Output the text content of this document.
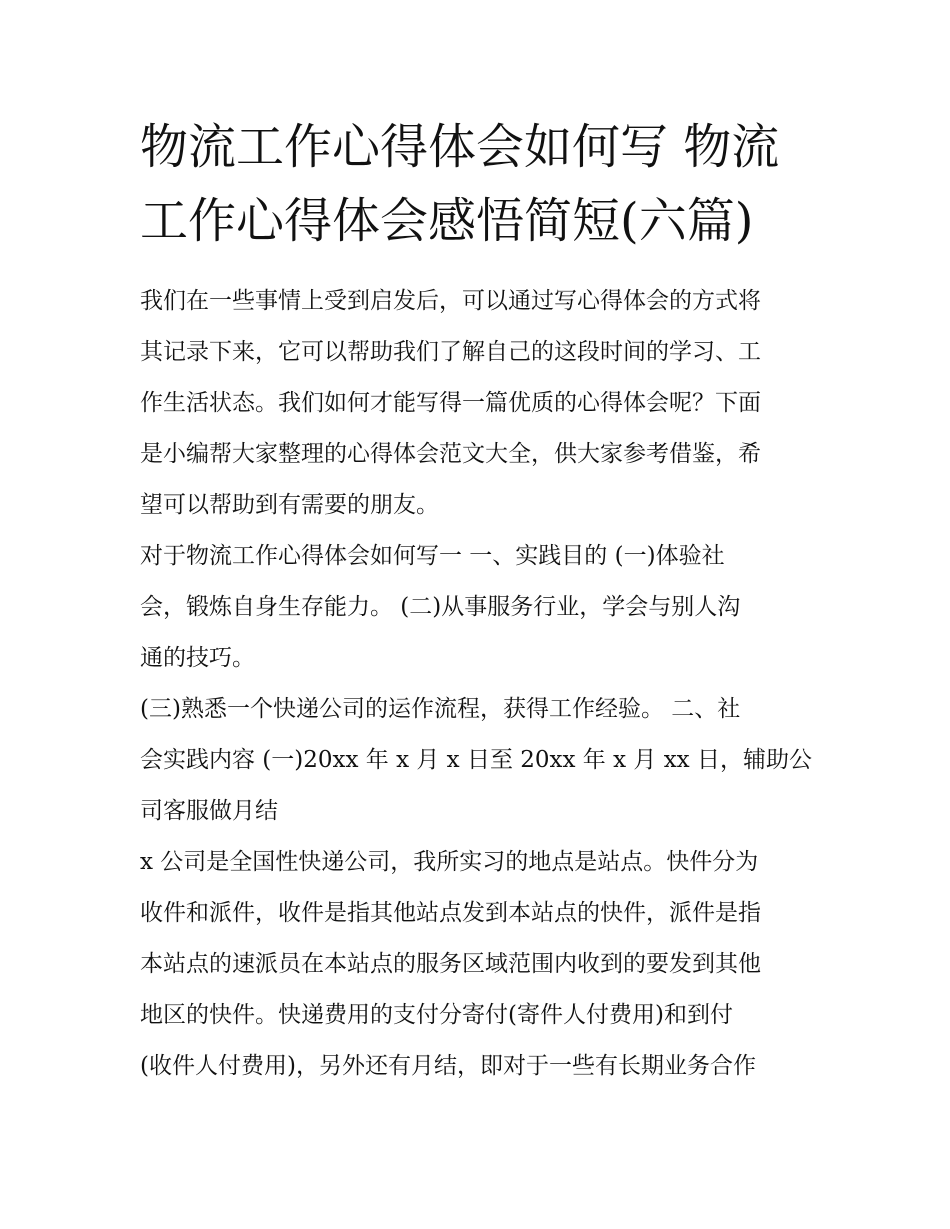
物流工作心得体会如何写 物流
工作心得体会感悟简短(六篇)
我们在一些事情上受到启发后，可以通过写心得体会的方式将
其记录下来，它可以帮助我们了解自己的这段时间的学习、工
作生活状态。我们如何才能写得一篇优质的心得体会呢？下面
是小编帮大家整理的心得体会范文大全，供大家参考借鉴，希
望可以帮助到有需要的朋友。
对于物流工作心得体会如何写一 一、实践目的 (一)体验社
会，锻炼自身生存能力。 (二)从事服务行业，学会与别人沟
通的技巧。
(三)熟悉一个快递公司的运作流程，获得工作经验。 二、社
会实践内容 (一)20xx 年 x 月 x 日至 20xx 年 x 月 xx 日，辅助公
司客服做月结
x 公司是全国性快递公司，我所实习的地点是站点。快件分为
收件和派件，收件是指其他站点发到本站点的快件，派件是指
本站点的速派员在本站点的服务区域范围内收到的要发到其他
地区的快件。快递费用的支付分寄付(寄件人付费用)和到付
(收件人付费用)，另外还有月结，即对于一些有长期业务合作
